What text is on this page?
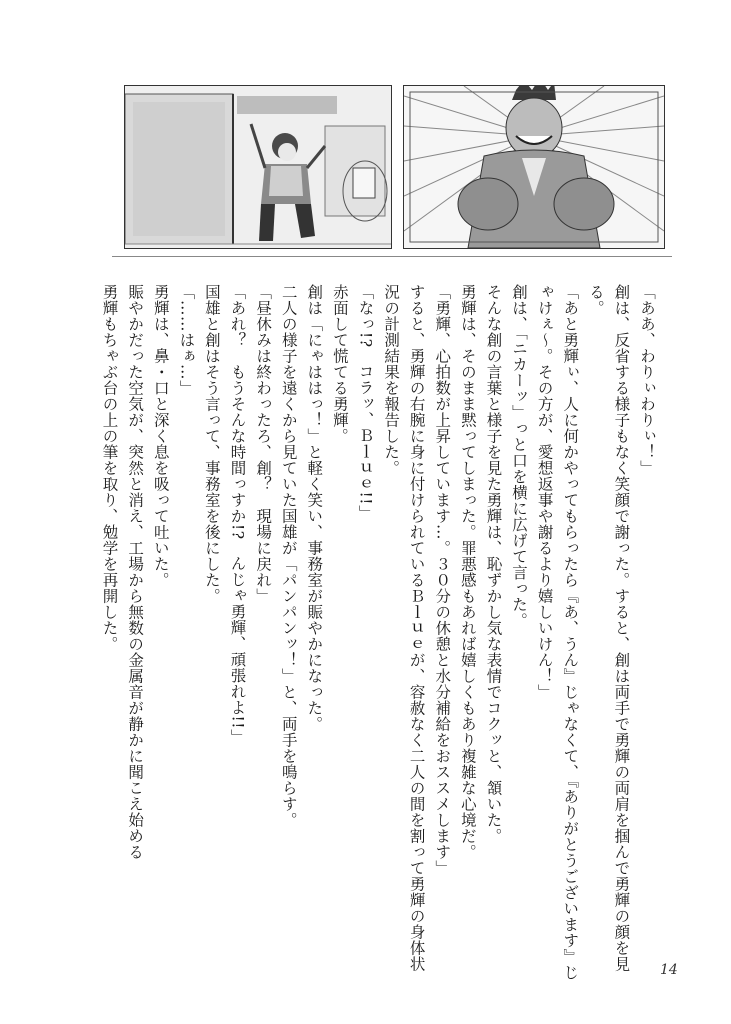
「ああ、わりぃわりぃ！」

創は、反省する様子もなく笑顔で謝った。すると、創は両手で勇輝の両肩を掴んで勇輝の顔を見る。

「あと勇輝ぃ、人に何かやってもらったら『あ、うん』じゃなくて、『ありがとうございます』じゃけぇ～。その方が、愛想返事や謝るより嬉しいけん！」

創は、「ニカーッ」っと口を横に広げて言った。

そんな創の言葉と様子を見た勇輝は、恥ずかし気な表情でコクッと、頷いた。

勇輝は、そのまま黙ってしまった。罪悪感もあれば嬉しくもあり複雑な心境だ。

「勇輝、心拍数が上昇しています…。３０分の休憩と水分補給をおススメします」

すると、勇輝の右腕に身に付けられているＢｌｕｅが、容赦なく二人の間を割って勇輝の身体状況の計測結果を報告した。

「なっ!?　コラッ、Ｂｌｕｅ!!」

赤面して慌てる勇輝。

創は「にゃははっ！」と軽く笑い、事務室が賑やかになった。

二人の様子を遠くから見ていた国雄が「パンパンッ！」と、両手を鳴らす。

「昼休みは終わったろ、創？　現場に戻れ」

「あれ？　もうそんな時間っすか!?　んじゃ勇輝、頑張れよ!!」

国雄と創はそう言って、事務室を後にした。

「……はぁ…」

勇輝は、鼻・口と深く息を吸って吐いた。

賑やかだった空気が、突然と消え、工場から無数の金属音が静かに聞こえ始める

勇輝もちゃぶ台の上の筆を取り、勉学を再開した。

14
